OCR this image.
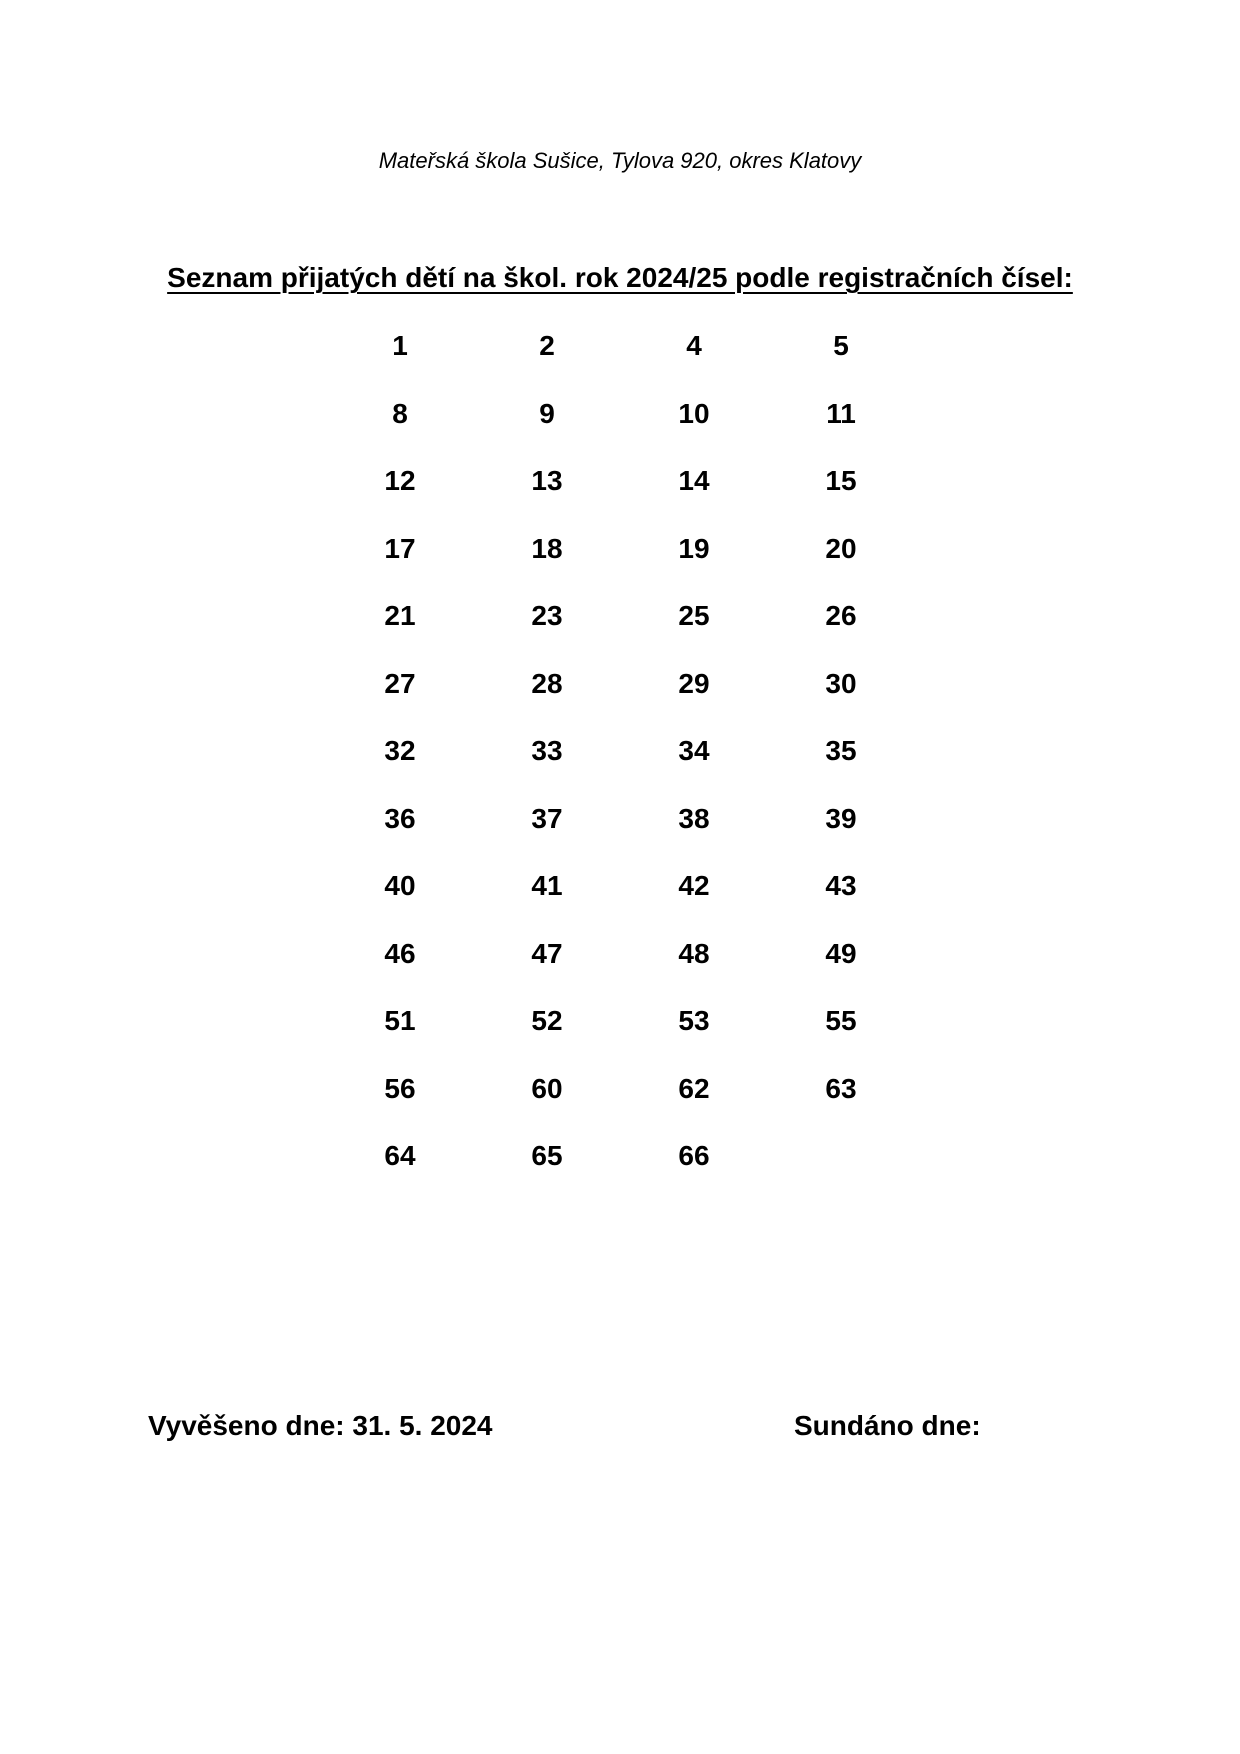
Mateřská škola Sušice, Tylova 920, okres Klatovy
Seznam přijatých dětí na škol. rok 2024/25 podle registračních čísel:
1	2	4	5
8	9	10	11
12	13	14	15
17	18	19	20
21	23	25	26
27	28	29	30
32	33	34	35
36	37	38	39
40	41	42	43
46	47	48	49
51	52	53	55
56	60	62	63
64	65	66
Vyvěšeno dne: 31. 5. 2024	Sundáno dne:
